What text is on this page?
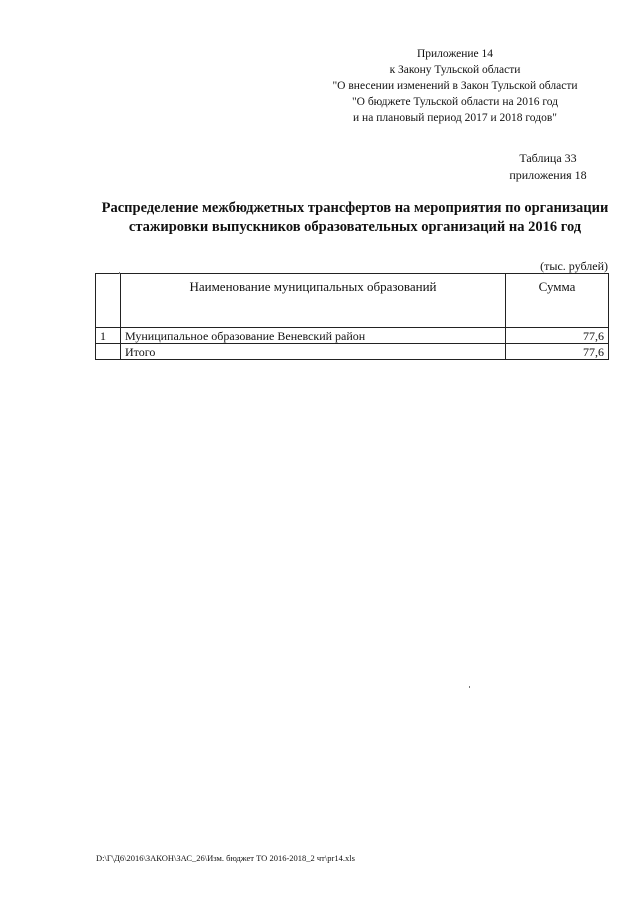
Приложение 14
к Закону Тульской области
"О внесении изменений в Закон Тульской области
"О бюджете Тульской области на 2016 год
и на плановый период 2017 и 2018 годов"
Таблица 33
приложения 18
Распределение межбюджетных трансфертов на мероприятия по организации
стажировки выпускников образовательных организаций на 2016 год
(тыс. рублей)
	Наименование муниципальных образований	Сумма
1	Муниципальное образование Веневский район	77,6
	Итого	77,6
D:\Г\Д6\2016\ЗАКОН\ЗАС_26\Изм. бюджет ТО 2016-2018_2 чт\pr14.xls
